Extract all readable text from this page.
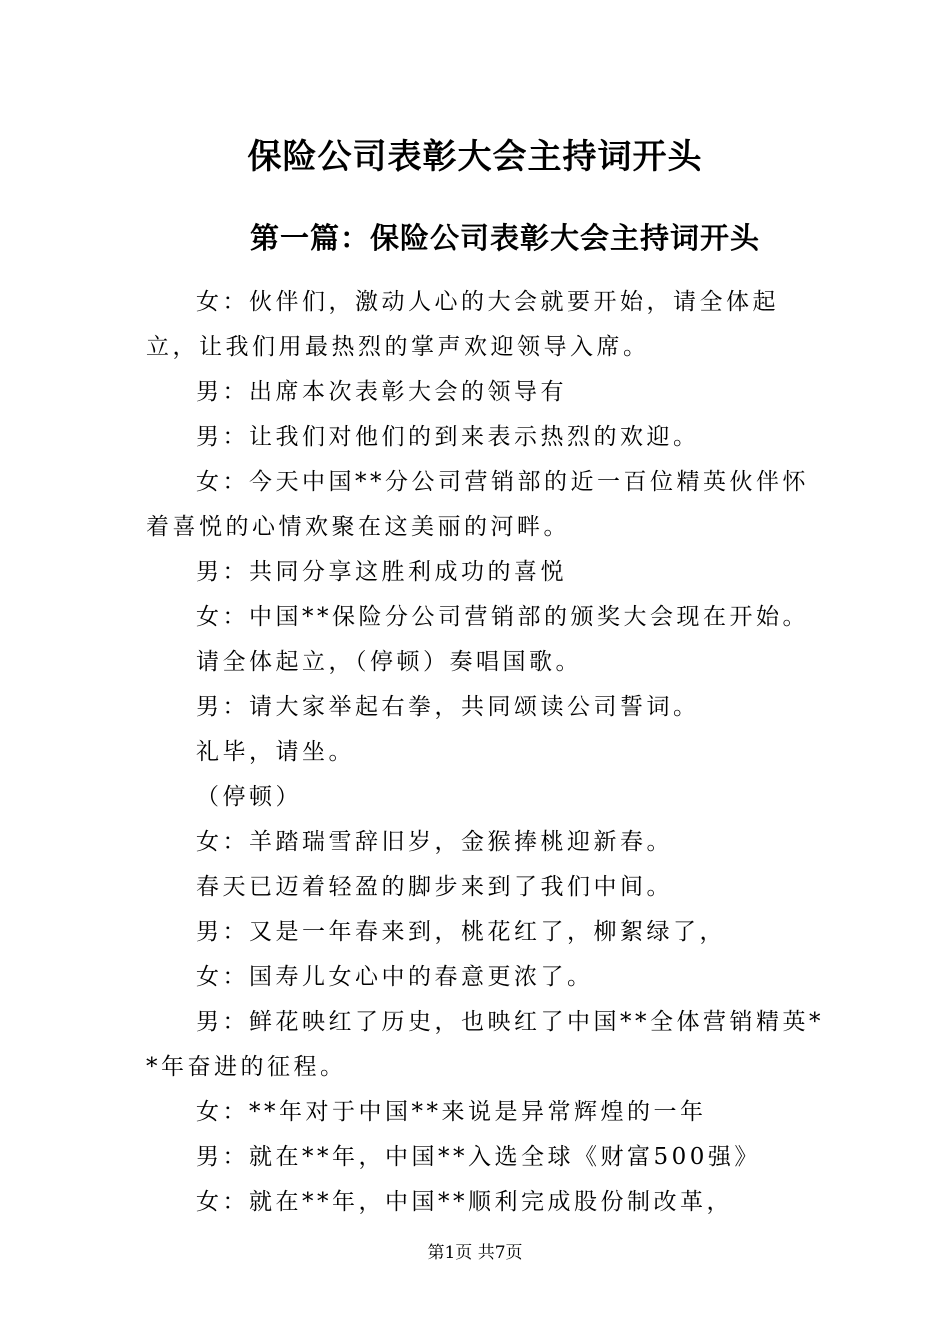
保险公司表彰大会主持词开头
第一篇：保险公司表彰大会主持词开头

女：伙伴们，激动人心的大会就要开始，请全体起立，让我们用最热烈的掌声欢迎领导入席。

男：出席本次表彰大会的领导有

男：让我们对他们的到来表示热烈的欢迎。

女：今天中国**分公司营销部的近一百位精英伙伴怀着喜悦的心情欢聚在这美丽的河畔。

男：共同分享这胜利成功的喜悦

女：中国**保险分公司营销部的颁奖大会现在开始。

请全体起立，（停顿）奏唱国歌。

男：请大家举起右拳，共同颂读公司誓词。

礼毕，请坐。

（停顿）

女：羊踏瑞雪辞旧岁，金猴捧桃迎新春。

春天已迈着轻盈的脚步来到了我们中间。

男：又是一年春来到，桃花红了，柳絮绿了，

女：国寿儿女心中的春意更浓了。

男：鲜花映红了历史，也映红了中国**全体营销精英**年奋进的征程。

女：**年对于中国**来说是异常辉煌的一年

男：就在**年，中国**入选全球《财富500强》

女：就在**年，中国**顺利完成股份制改革，

第1页 共7页
